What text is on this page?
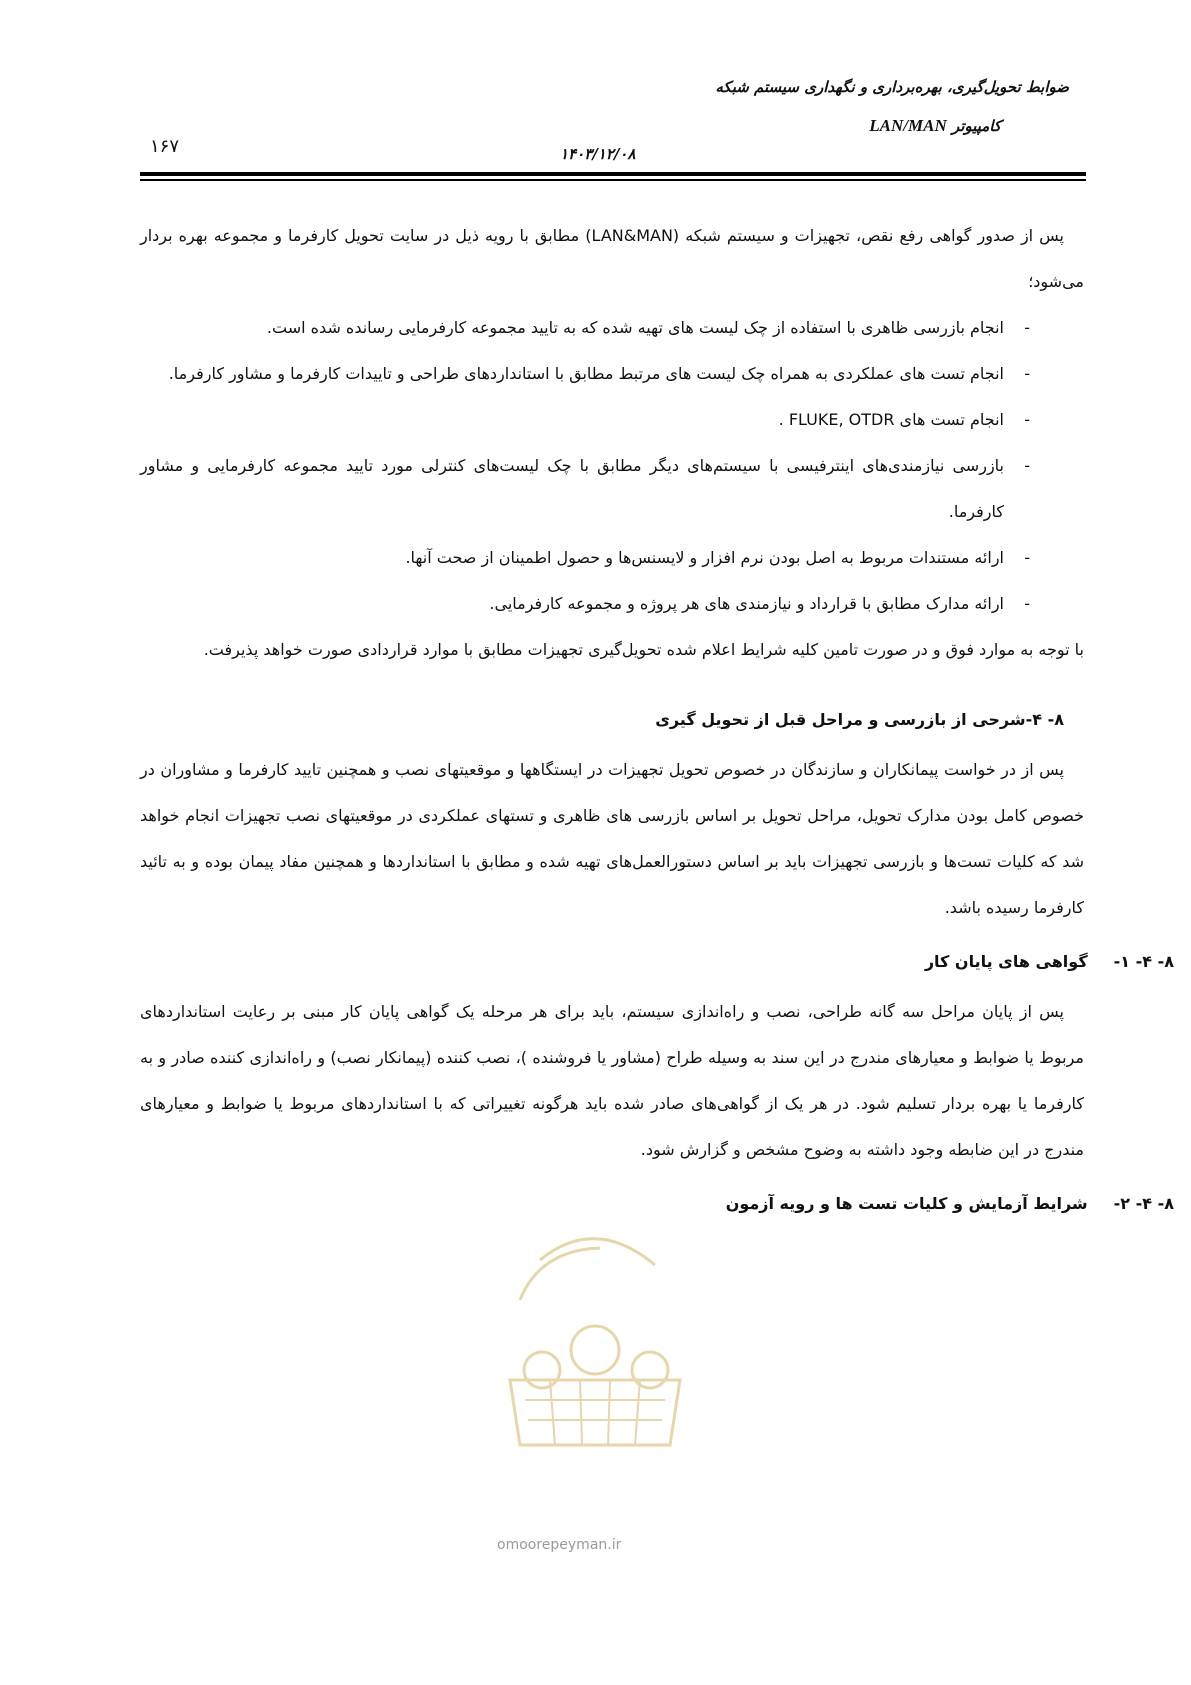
ضوابط تحویل‌گیری، بهره‌برداری و نگهداری سیستم شبکه
کامپیوتر LAN/MAN
۱۶۷	۱۴۰۳/۱۲/۰۸

پس از صدور گواهی رفع نقص، تجهیزات و سیستم شبکه (LAN&MAN) مطابق با رویه ذیل در سایت تحویل کارفرما و مجموعه بهره بردار می‌شود؛

-
انجام بازرسی ظاهری با استفاده از چک لیست های تهیه شده که به تایید مجموعه کارفرمایی رسانده شده است.
-
انجام تست های عملکردی به همراه چک لیست های مرتبط مطابق با استانداردهای طراحی و تاییدات کارفرما و مشاور کارفرما.
-
انجام تست های FLUKE, OTDR .
-
بازرسی نیازمندی‌های اینترفیسی با سیستم‌های دیگر مطابق با چک لیست‌های کنترلی مورد تایید مجموعه کارفرمایی و مشاور کارفرما.
-
ارائه مستندات مربوط به اصل بودن نرم افزار و لایسنس‌ها و حصول اطمینان از صحت آنها.
-
ارائه مدارک مطابق با قرارداد و نیازمندی های هر پروژه و مجموعه کارفرمایی.

با توجه به موارد فوق و در صورت تامین کلیه شرایط اعلام شده تحویل‌گیری تجهیزات مطابق با موارد قراردادی صورت خواهد پذیرفت.

۸- ۴-شرحی از بازرسی و مراحل قبل از تحویل گیری

پس از در خواست پیمانکاران و سازندگان در خصوص تحویل تجهیزات در ایستگاهها و موقعیتهای نصب و همچنین تایید کارفرما و مشاوران در خصوص کامل بودن مدارک تحویل، مراحل تحویل بر اساس بازرسی های ظاهری و تستهای عملکردی در موقعیتهای نصب تجهیزات انجام خواهد شد که کلیات تست‌ها و بازرسی تجهیزات باید بر اساس دستورالعمل‌های تهیه شده و مطابق با استانداردها و همچنین مفاد پیمان بوده و به تائید کارفرما رسیده باشد.

۸- ۴- ۱-گواهی های پایان کار

پس از پایان مراحل سه گانه طراحی، نصب و راه‌اندازی سیستم، باید برای هر مرحله یک گواهی پایان کار مبنی بر رعایت استانداردهای مربوط یا ضوابط و معیارهای مندرج در این سند به وسیله طراح (مشاور یا فروشنده )، نصب کننده (پیمانکار نصب) و راه‌اندازی کننده صادر و به کارفرما یا بهره بردار تسلیم شود. در هر یک از گواهی‌های صادر شده باید هرگونه تغییراتی که با استانداردهای مربوط یا ضوابط و معیارهای مندرج در این ضابطه وجود داشته به وضوح مشخص و گزارش شود.

۸- ۴- ۲-شرایط آزمایش و کلیات تست ها و رویه آزمون
omoorepeyman.ir
